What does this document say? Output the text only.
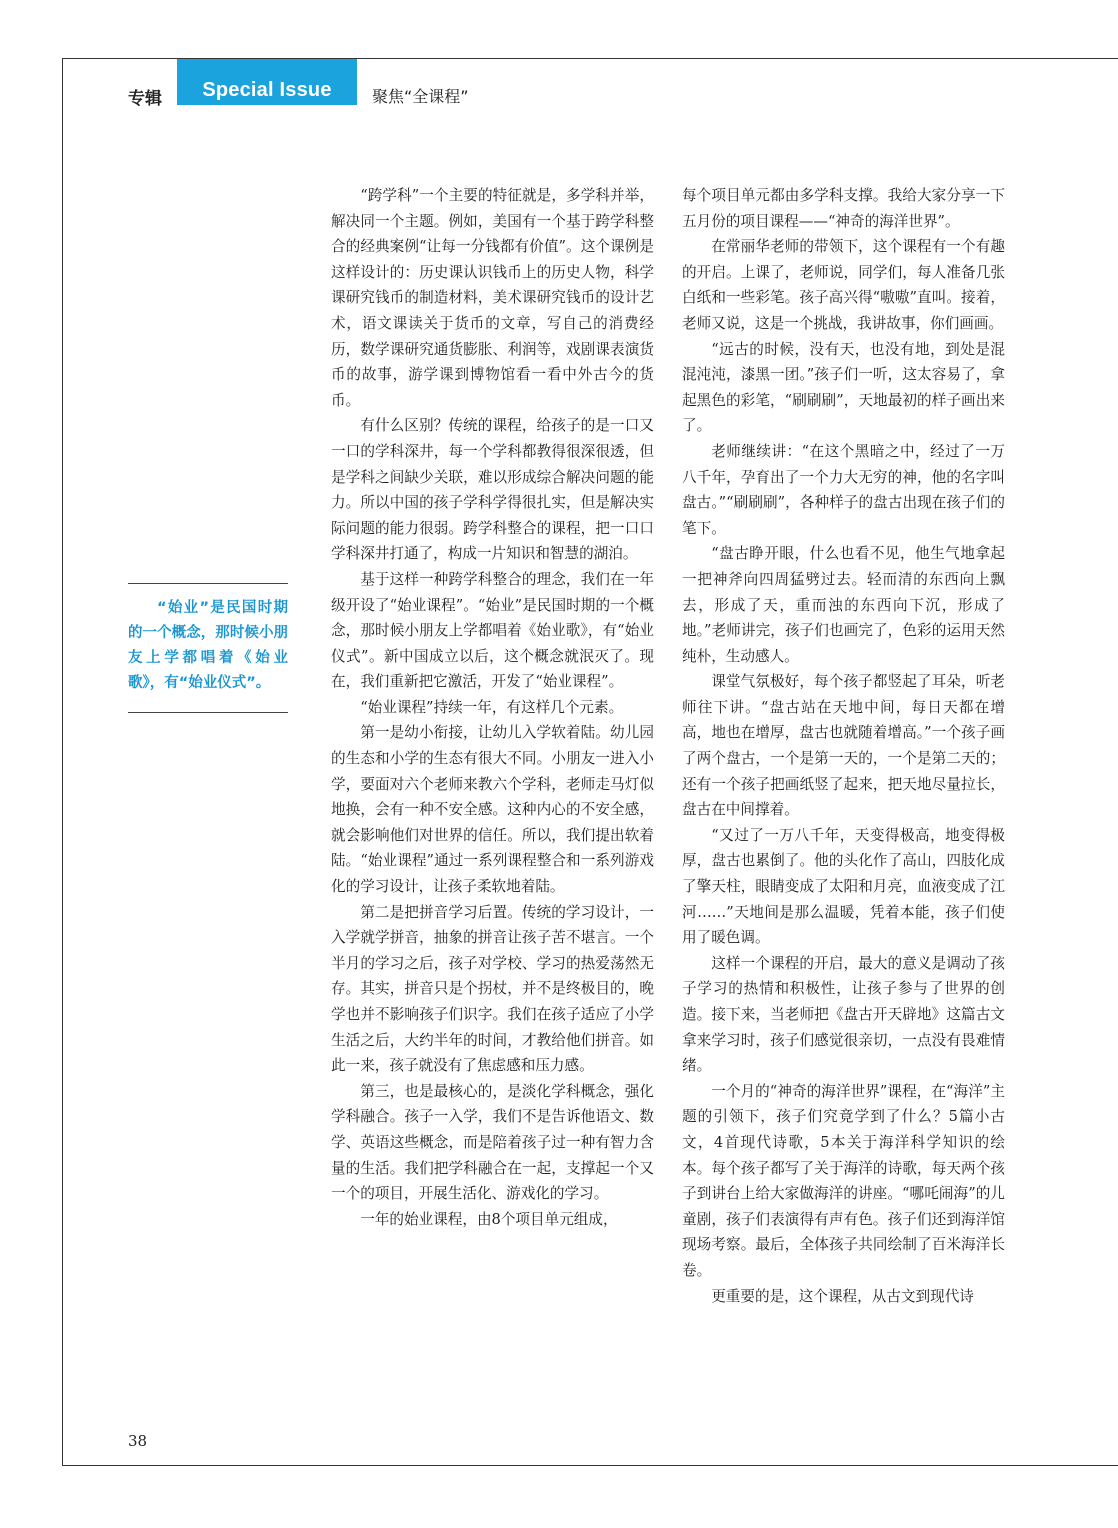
专辑	Special Issue	聚焦“全课程”

“始业”是民国时期的一个概念，那时候小朋友上学都唱着《始业歌》，有“始业仪式”。

“跨学科”一个主要的特征就是，多学科并举，解决同一个主题。例如，美国有一个基于跨学科整合的经典案例“让每一分钱都有价值”。这个课例是这样设计的：历史课认识钱币上的历史人物，科学课研究钱币的制造材料，美术课研究钱币的设计艺术，语文课读关于货币的文章，写自己的消费经历，数学课研究通货膨胀、利润等，戏剧课表演货币的故事，游学课到博物馆看一看中外古今的货币。

有什么区别？传统的课程，给孩子的是一口又一口的学科深井，每一个学科都教得很深很透，但是学科之间缺少关联，难以形成综合解决问题的能力。所以中国的孩子学科学得很扎实，但是解决实际问题的能力很弱。跨学科整合的课程，把一口口学科深井打通了，构成一片知识和智慧的湖泊。

基于这样一种跨学科整合的理念，我们在一年级开设了“始业课程”。“始业”是民国时期的一个概念，那时候小朋友上学都唱着《始业歌》，有“始业仪式”。新中国成立以后，这个概念就泯灭了。现在，我们重新把它激活，开发了“始业课程”。

“始业课程”持续一年，有这样几个元素。

第一是幼小衔接，让幼儿入学软着陆。幼儿园的生态和小学的生态有很大不同。小朋友一进入小学，要面对六个老师来教六个学科，老师走马灯似地换，会有一种不安全感。这种内心的不安全感，就会影响他们对世界的信任。所以，我们提出软着陆。“始业课程”通过一系列课程整合和一系列游戏化的学习设计，让孩子柔软地着陆。

第二是把拼音学习后置。传统的学习设计，一入学就学拼音，抽象的拼音让孩子苦不堪言。一个半月的学习之后，孩子对学校、学习的热爱荡然无存。其实，拼音只是个拐杖，并不是终极目的，晚学也并不影响孩子们识字。我们在孩子适应了小学生活之后，大约半年的时间，才教给他们拼音。如此一来，孩子就没有了焦虑感和压力感。

第三，也是最核心的，是淡化学科概念，强化学科融合。孩子一入学，我们不是告诉他语文、数学、英语这些概念，而是陪着孩子过一种有智力含量的生活。我们把学科融合在一起，支撑起一个又一个的项目，开展生活化、游戏化的学习。

一年的始业课程，由8个项目单元组成，

每个项目单元都由多学科支撑。我给大家分享一下五月份的项目课程——“神奇的海洋世界”。

在常丽华老师的带领下，这个课程有一个有趣的开启。上课了，老师说，同学们，每人准备几张白纸和一些彩笔。孩子高兴得“嗷嗷”直叫。接着，老师又说，这是一个挑战，我讲故事，你们画画。

“远古的时候，没有天，也没有地，到处是混混沌沌，漆黑一团。”孩子们一听，这太容易了，拿起黑色的彩笔，“刷刷刷”，天地最初的样子画出来了。

老师继续讲：“在这个黑暗之中，经过了一万八千年，孕育出了一个力大无穷的神，他的名字叫盘古。”“刷刷刷”，各种样子的盘古出现在孩子们的笔下。

“盘古睁开眼，什么也看不见，他生气地拿起一把神斧向四周猛劈过去。轻而清的东西向上飘去，形成了天，重而浊的东西向下沉，形成了地。”老师讲完，孩子们也画完了，色彩的运用天然纯朴，生动感人。

课堂气氛极好，每个孩子都竖起了耳朵，听老师往下讲。“盘古站在天地中间，每日天都在增高，地也在增厚，盘古也就随着增高。”一个孩子画了两个盘古，一个是第一天的，一个是第二天的；还有一个孩子把画纸竖了起来，把天地尽量拉长，盘古在中间撑着。

“又过了一万八千年，天变得极高，地变得极厚，盘古也累倒了。他的头化作了高山，四肢化成了擎天柱，眼睛变成了太阳和月亮，血液变成了江河……”天地间是那么温暖，凭着本能，孩子们使用了暖色调。

这样一个课程的开启，最大的意义是调动了孩子学习的热情和积极性，让孩子参与了世界的创造。接下来，当老师把《盘古开天辟地》这篇古文拿来学习时，孩子们感觉很亲切，一点没有畏难情绪。

一个月的“神奇的海洋世界”课程，在“海洋”主题的引领下，孩子们究竟学到了什么？5篇小古文，4首现代诗歌，5本关于海洋科学知识的绘本。每个孩子都写了关于海洋的诗歌，每天两个孩子到讲台上给大家做海洋的讲座。“哪吒闹海”的儿童剧，孩子们表演得有声有色。孩子们还到海洋馆现场考察。最后，全体孩子共同绘制了百米海洋长卷。

更重要的是，这个课程，从古文到现代诗

38
